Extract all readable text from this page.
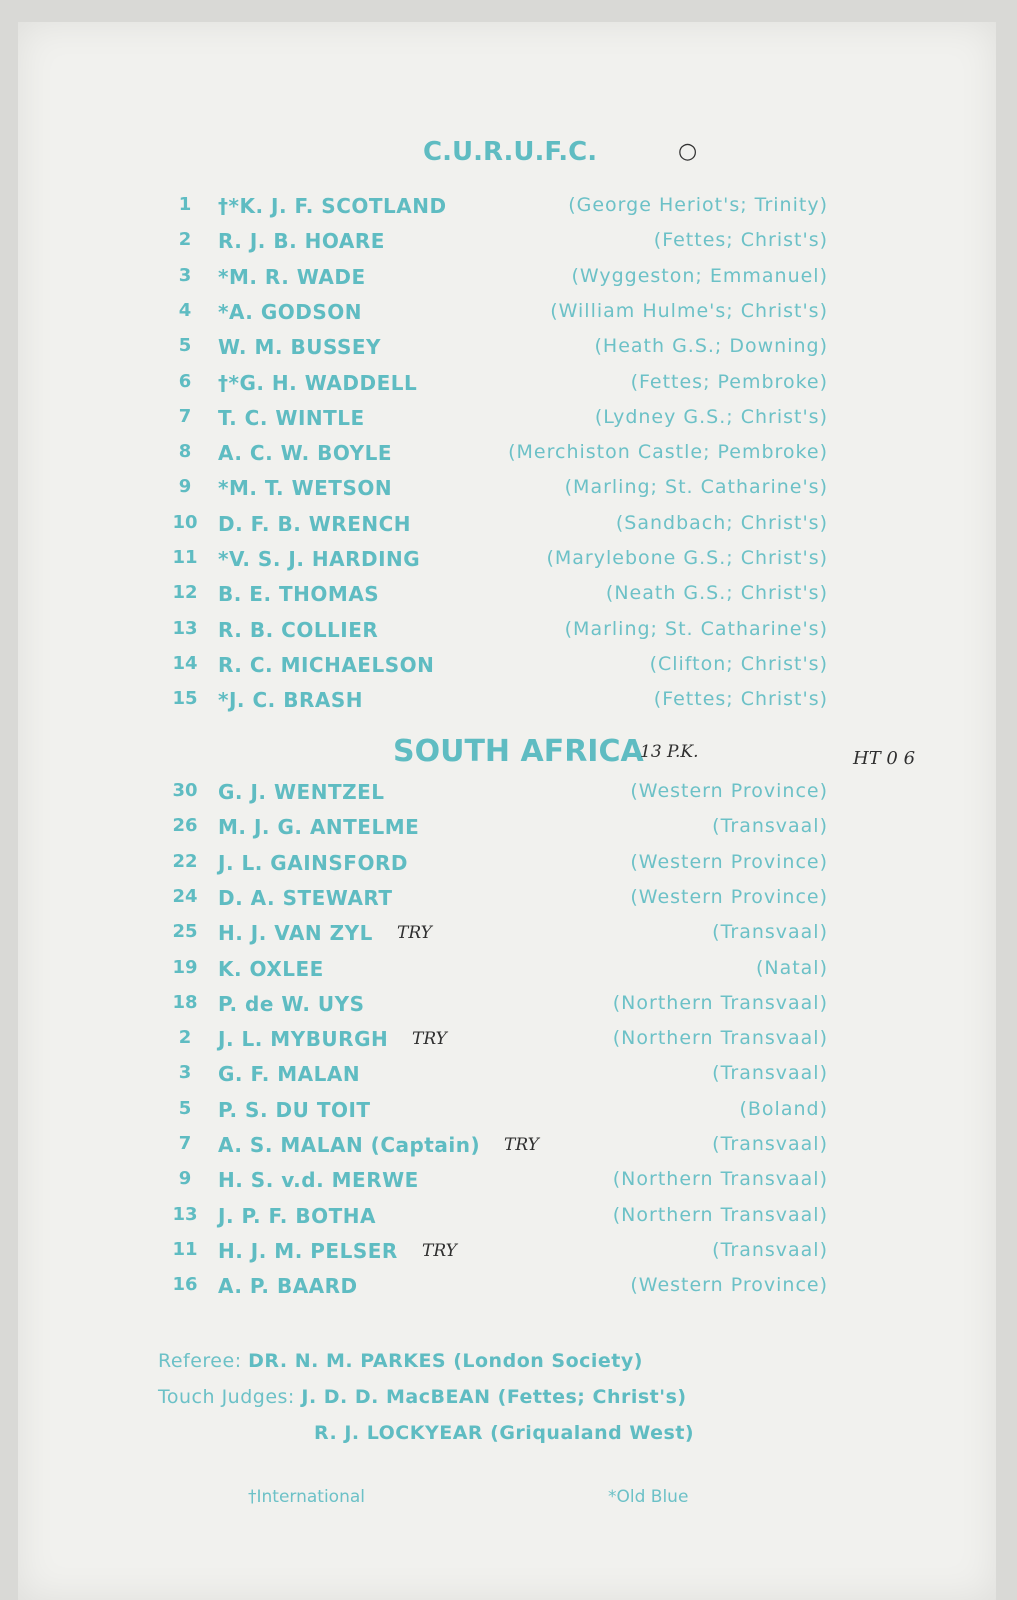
C.U.R.U.F.C.	○
1	†*K. J. F. SCOTLAND	(George Heriot's; Trinity)
2	R. J. B. HOARE	(Fettes; Christ's)
3	*M. R. WADE	(Wyggeston; Emmanuel)
4	*A. GODSON	(William Hulme's; Christ's)
5	W. M. BUSSEY	(Heath G.S.; Downing)
6	†*G. H. WADDELL	(Fettes; Pembroke)
7	T. C. WINTLE	(Lydney G.S.; Christ's)
8	A. C. W. BOYLE	(Merchiston Castle; Pembroke)
9	*M. T. WETSON	(Marling; St. Catharine's)
10 D. F. B. WRENCH	(Sandbach; Christ's)
11 *V. S. J. HARDING	(Marylebone G.S.; Christ's)
12 B. E. THOMAS	(Neath G.S.; Christ's)
13 R. B. COLLIER	(Marling; St. Catharine's)
14 R. C. MICHAELSON	(Clifton; Christ's)
15 *J. C. BRASH	(Fettes; Christ's)
SOUTH AFRICA
13 P.K.	HT 0 6
30 G. J. WENTZEL	(Western Province)
26 M. J. G. ANTELME	(Transvaal)
22 J. L. GAINSFORD	(Western Province)
24 D. A. STEWART	(Western Province)
25 H. J. VAN ZYL TRY	(Transvaal)
19 K. OXLEE	(Natal)
18 P. de W. UYS	(Northern Transvaal)
2	J. L. MYBURGH TRY	(Northern Transvaal)
3	G. F. MALAN	(Transvaal)
5	P. S. DU TOIT	(Boland)
7	A. S. MALAN (Captain) TRY	(Transvaal)
9	H. S. v.d. MERWE	(Northern Transvaal)
13 J. P. F. BOTHA	(Northern Transvaal)
11 H. J. M. PELSER TRY	(Transvaal)
16 A. P. BAARD	(Western Province)
Referee: DR. N. M. PARKES (London Society)
Touch Judges: J. D. D. MacBEAN (Fettes; Christ's)
R. J. LOCKYEAR (Griqualand West)
†International	*Old Blue
